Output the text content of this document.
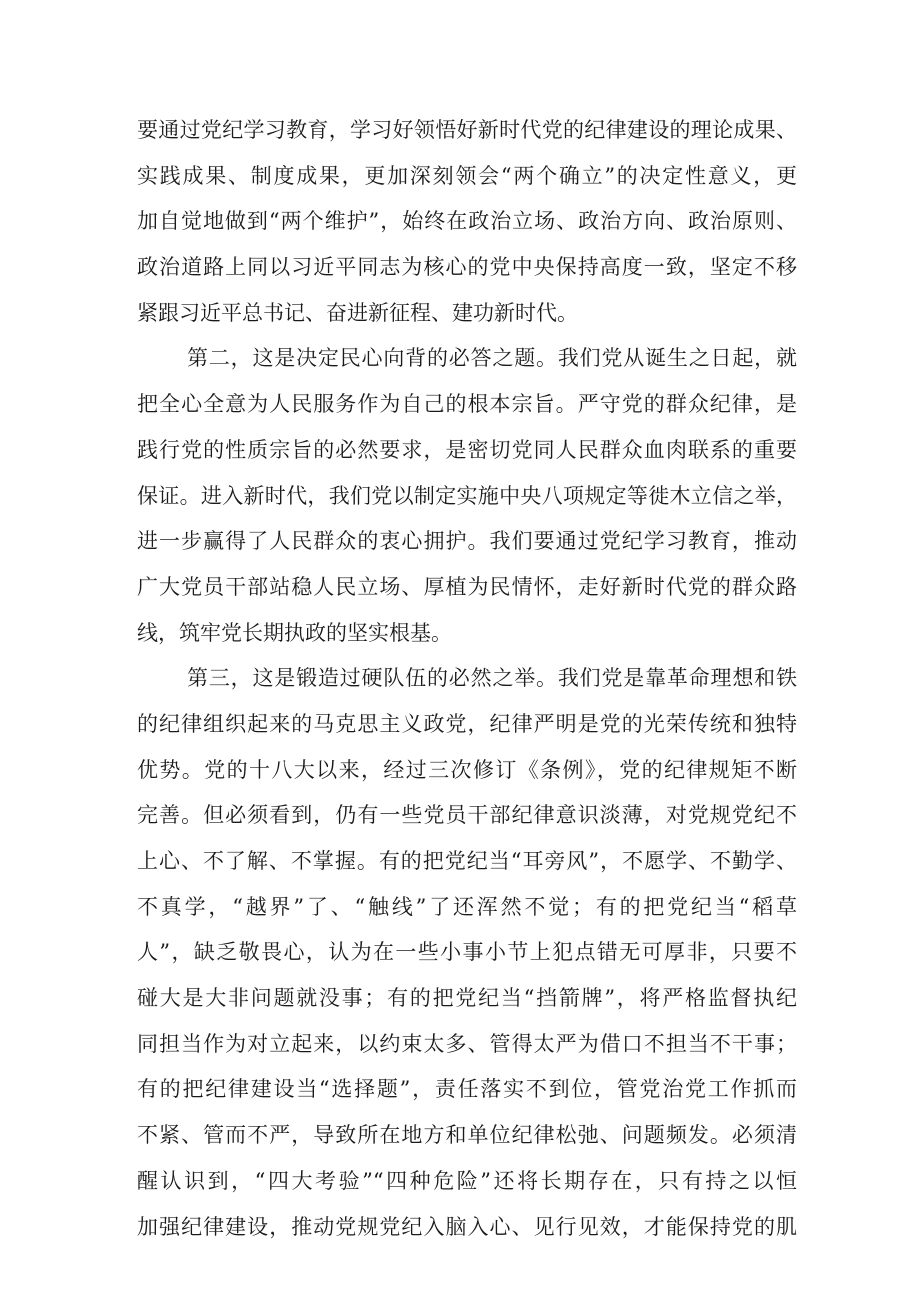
要通过党纪学习教育，学习好领悟好新时代党的纪律建设的理论成果、
实践成果、制度成果，更加深刻领会“两个确立”的决定性意义，更
加自觉地做到“两个维护”，始终在政治立场、政治方向、政治原则、
政治道路上同以习近平同志为核心的党中央保持高度一致，坚定不移
紧跟习近平总书记、奋进新征程、建功新时代。
第二，这是决定民心向背的必答之题。我们党从诞生之日起，就
把全心全意为人民服务作为自己的根本宗旨。严守党的群众纪律，是
践行党的性质宗旨的必然要求，是密切党同人民群众血肉联系的重要
保证。进入新时代，我们党以制定实施中央八项规定等徙木立信之举，
进一步赢得了人民群众的衷心拥护。我们要通过党纪学习教育，推动
广大党员干部站稳人民立场、厚植为民情怀，走好新时代党的群众路
线，筑牢党长期执政的坚实根基。
第三，这是锻造过硬队伍的必然之举。我们党是靠革命理想和铁
的纪律组织起来的马克思主义政党，纪律严明是党的光荣传统和独特
优势。党的十八大以来，经过三次修订《条例》，党的纪律规矩不断
完善。但必须看到，仍有一些党员干部纪律意识淡薄，对党规党纪不
上心、不了解、不掌握。有的把党纪当“耳旁风”，不愿学、不勤学、
不真学，“越界”了、“触线”了还浑然不觉；有的把党纪当“稻草
人”，缺乏敬畏心，认为在一些小事小节上犯点错无可厚非，只要不
碰大是大非问题就没事；有的把党纪当“挡箭牌”，将严格监督执纪
同担当作为对立起来，以约束太多、管得太严为借口不担当不干事；
有的把纪律建设当“选择题”，责任落实不到位，管党治党工作抓而
不紧、管而不严，导致所在地方和单位纪律松弛、问题频发。必须清
醒认识到，“四大考验”“四种危险”还将长期存在，只有持之以恒
加强纪律建设，推动党规党纪入脑入心、见行见效，才能保持党的肌
